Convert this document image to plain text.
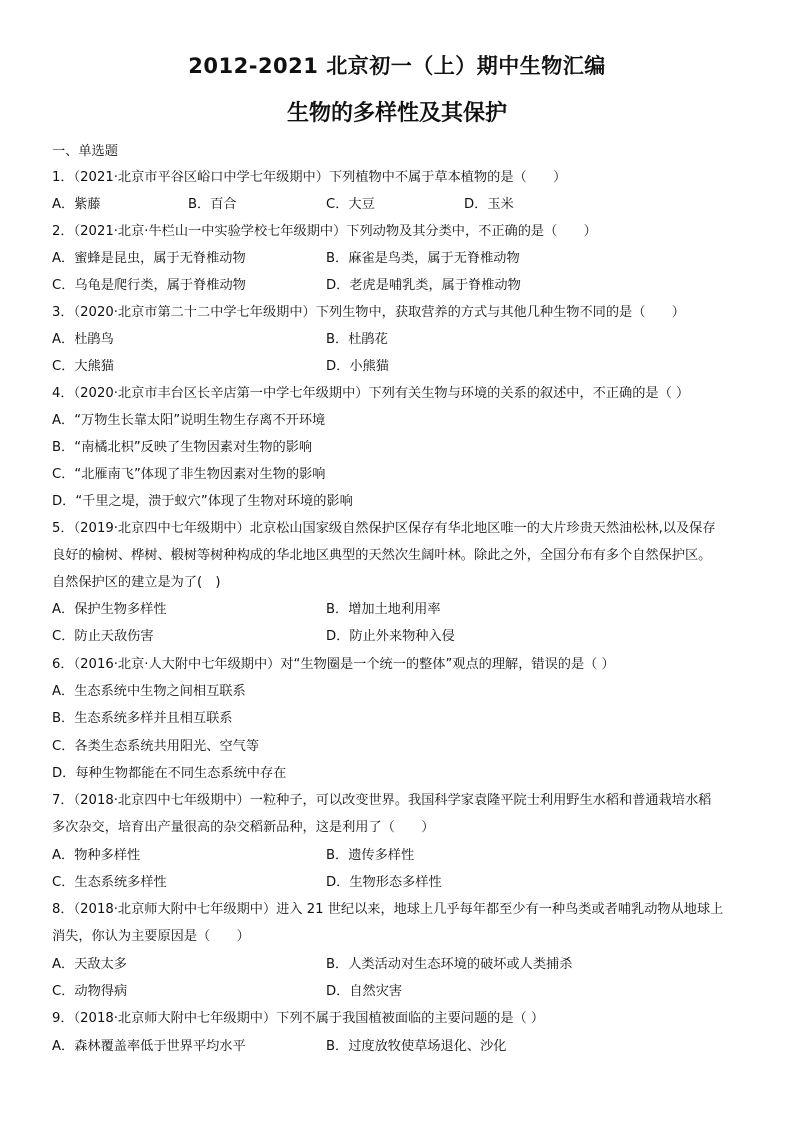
2012-2021 北京初一（上）期中生物汇编
生物的多样性及其保护
一、单选题
1．（2021·北京市平谷区峪口中学七年级期中）下列植物中不属于草本植物的是（　　）
A．紫藤	B．百合	C．大豆	D．玉米
2．（2021·北京·牛栏山一中实验学校七年级期中）下列动物及其分类中，不正确的是（　　）
A．蜜蜂是昆虫，属于无脊椎动物	B．麻雀是鸟类，属于无脊椎动物
C．乌龟是爬行类，属于脊椎动物	D．老虎是哺乳类，属于脊椎动物
3．（2020·北京市第二十二中学七年级期中）下列生物中，获取营养的方式与其他几种生物不同的是（　　）
A．杜鹃鸟	B．杜鹃花
C．大熊猫	D．小熊猫
4．（2020·北京市丰台区长辛店第一中学七年级期中）下列有关生物与环境的关系的叙述中，不正确的是（ ）
A．“万物生长靠太阳”说明生物生存离不开环境
B．“南橘北枳”反映了生物因素对生物的影响
C．“北雁南飞”体现了非生物因素对生物的影响
D．“千里之堤，溃于蚁穴”体现了生物对环境的影响
5．（2019·北京四中七年级期中）北京松山国家级自然保护区保存有华北地区唯一的大片珍贵天然油松林,以及保存
良好的榆树、桦树、椴树等树种构成的华北地区典型的天然次生阔叶林。除此之外，全国分布有多个自然保护区。
自然保护区的建立是为了(　)
A．保护生物多样性	B．增加土地利用率
C．防止天敌伤害	D．防止外来物种入侵
6．（2016·北京·人大附中七年级期中）对“生物圈是一个统一的整体”观点的理解，错误的是（ ）
A．生态系统中生物之间相互联系
B．生态系统多样并且相互联系
C．各类生态系统共用阳光、空气等
D．每种生物都能在不同生态系统中存在
7．（2018·北京四中七年级期中）一粒种子，可以改变世界。我国科学家袁隆平院士利用野生水稻和普通栽培水稻
多次杂交，培育出产量很高的杂交稻新品种，这是利用了（　　）
A．物种多样性	B．遗传多样性
C．生态系统多样性	D．生物形态多样性
8．（2018·北京师大附中七年级期中）进入 21 世纪以来，地球上几乎每年都至少有一种鸟类或者哺乳动物从地球上
消失，你认为主要原因是（　　）
A．天敌太多	B．人类活动对生态环境的破坏或人类捕杀
C．动物得病	D．自然灾害
9．（2018·北京师大附中七年级期中）下列不属于我国植被面临的主要问题的是（ ）
A．森林覆盖率低于世界平均水平	B．过度放牧使草场退化、沙化
